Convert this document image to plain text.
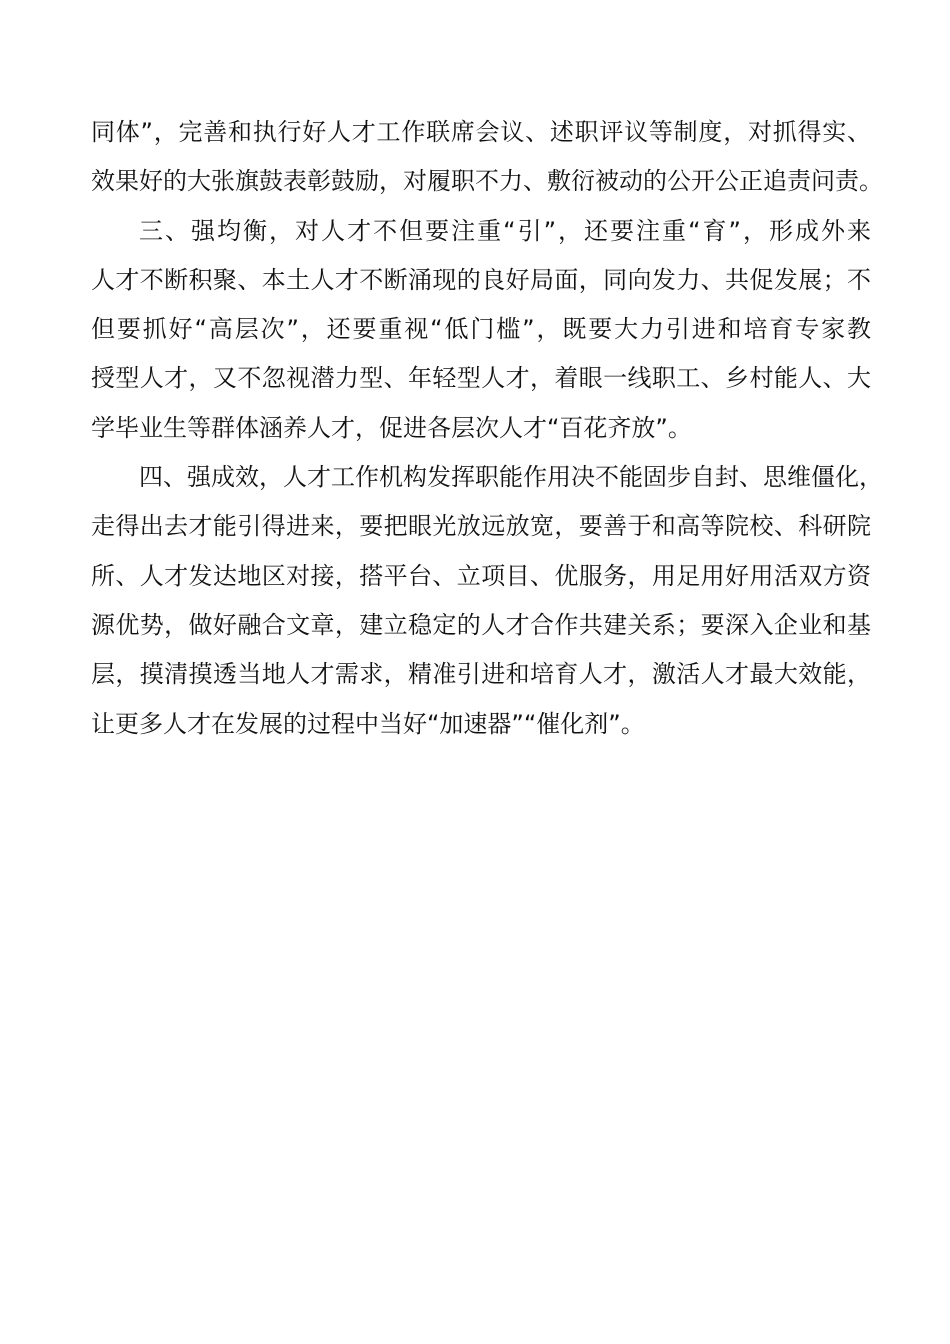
同体”，完善和执行好人才工作联席会议、述职评议等制度，对抓得实、
效果好的大张旗鼓表彰鼓励，对履职不力、敷衍被动的公开公正追责问责。
三、强均衡，对人才不但要注重“引”，还要注重“育”，形成外来
人才不断积聚、本土人才不断涌现的良好局面，同向发力、共促发展；不
但要抓好“高层次”，还要重视“低门槛”，既要大力引进和培育专家教
授型人才，又不忽视潜力型、年轻型人才，着眼一线职工、乡村能人、大
学毕业生等群体涵养人才，促进各层次人才“百花齐放”。
四、强成效，人才工作机构发挥职能作用决不能固步自封、思维僵化，
走得出去才能引得进来，要把眼光放远放宽，要善于和高等院校、科研院
所、人才发达地区对接，搭平台、立项目、优服务，用足用好用活双方资
源优势，做好融合文章，建立稳定的人才合作共建关系；要深入企业和基
层，摸清摸透当地人才需求，精准引进和培育人才，激活人才最大效能，
让更多人才在发展的过程中当好“加速器”“催化剂”。
